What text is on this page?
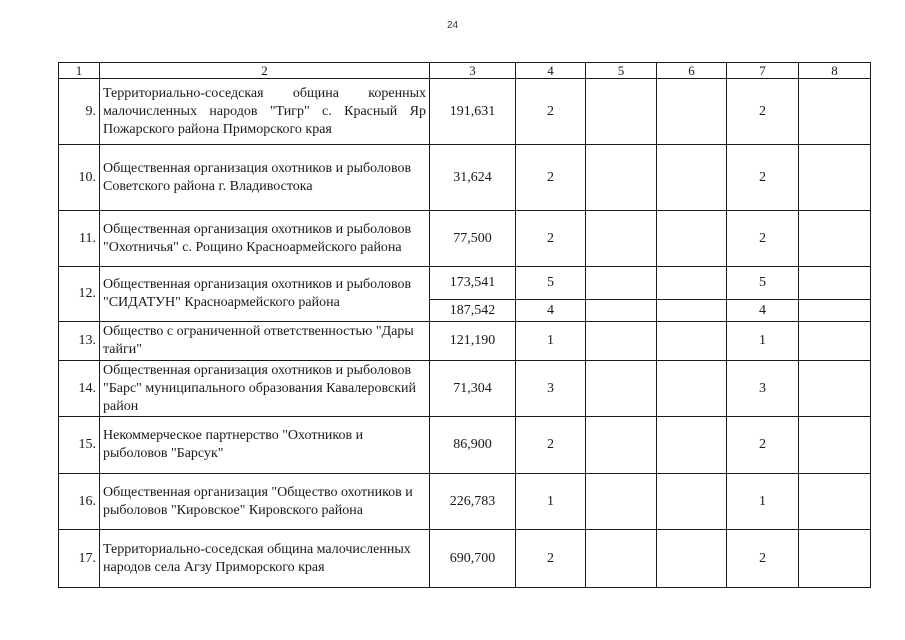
24
1	2	3	4	5	6	7	8
9.	Территориально-соседская община коренных малочисленных народов "Тигр" с. Красный Яр Пожарского района Приморского края	191,631	2			2	
10.	Общественная организация охотников и рыболовов Советского района г. Владивостока	31,624	2			2	
11.	Общественная организация охотников и рыболовов "Охотничья" с. Рощино Красноармейского района	77,500	2			2	
12.	Общественная организация охотников и рыболовов "СИДАТУН" Красноармейского района	173,541	5			5	
		187,542	4			4	
13.	Общество с ограниченной ответственностью "Дары тайги"	121,190	1			1	
14.	Общественная организация охотников и рыболовов "Барс" муниципального образования Кавалеровский район	71,304	3			3	
15.	Некоммерческое партнерство "Охотников и рыболовов "Барсук"	86,900	2			2	
16.	Общественная организация "Общество охотников и рыболовов "Кировское" Кировского района	226,783	1			1	
17.	Территориально-соседская община малочисленных народов села Агзу Приморского края	690,700	2			2	
